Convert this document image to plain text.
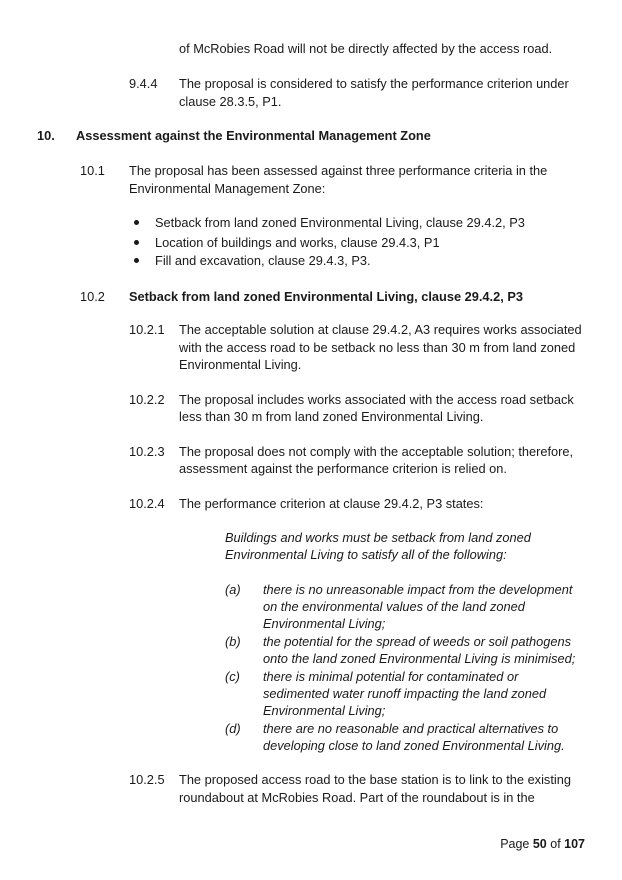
of McRobies Road will not be directly affected by the access road.
9.4.4 The proposal is considered to satisfy the performance criterion under
clause 28.3.5, P1.
10. Assessment against the Environmental Management Zone
10.1 The proposal has been assessed against three performance criteria in the
Environmental Management Zone:
Setback from land zoned Environmental Living, clause 29.4.2, P3
Location of buildings and works, clause 29.4.3, P1
Fill and excavation, clause 29.4.3, P3.
10.2 Setback from land zoned Environmental Living, clause 29.4.2, P3
10.2.1 The acceptable solution at clause 29.4.2, A3 requires works associated
with the access road to be setback no less than 30 m from land zoned
Environmental Living.
10.2.2 The proposal includes works associated with the access road setback
less than 30 m from land zoned Environmental Living.
10.2.3 The proposal does not comply with the acceptable solution; therefore,
assessment against the performance criterion is relied on.
10.2.4 The performance criterion at clause 29.4.2, P3 states:
Buildings and works must be setback from land zoned
Environmental Living to satisfy all of the following:
(a) there is no unreasonable impact from the development
on the environmental values of the land zoned
Environmental Living;
(b) the potential for the spread of weeds or soil pathogens
onto the land zoned Environmental Living is minimised;
(c) there is minimal potential for contaminated or
sedimented water runoff impacting the land zoned
Environmental Living;
(d) there are no reasonable and practical alternatives to
developing close to land zoned Environmental Living.
10.2.5 The proposed access road to the base station is to link to the existing
roundabout at McRobies Road. Part of the roundabout is in the
Page 50 of 107
